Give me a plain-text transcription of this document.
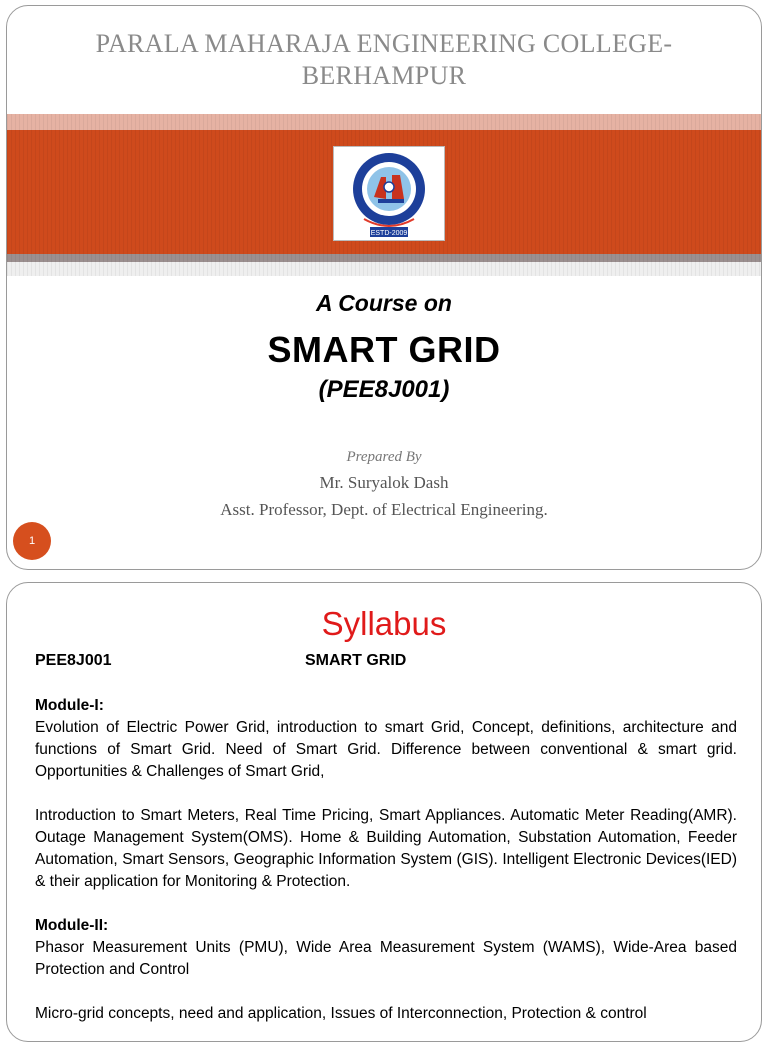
PARALA MAHARAJA ENGINEERING COLLEGE-
BERHAMPUR
ESTD-2009
A Course on
SMART GRID
(PEE8J001)
Prepared By
Mr. Suryalok Dash
Asst. Professor, Dept. of Electrical Engineering.
1
Syllabus
PEE8J001	SMART GRID
Module-I:

Evolution of Electric Power Grid, introduction to smart Grid, Concept, definitions, architecture and functions of Smart Grid. Need of Smart Grid. Difference between conventional & smart grid. Opportunities & Challenges of Smart Grid,

Introduction to Smart Meters, Real Time Pricing, Smart Appliances. Automatic Meter Reading(AMR). Outage Management System(OMS). Home & Building Automation, Substation Automation, Feeder Automation, Smart Sensors, Geographic Information System (GIS). Intelligent Electronic Devices(IED) & their application for Monitoring & Protection.

Module-II:

Phasor Measurement Units (PMU), Wide Area Measurement System (WAMS), Wide-Area based Protection and Control

Micro-grid concepts, need and application, Issues of Interconnection, Protection & control
